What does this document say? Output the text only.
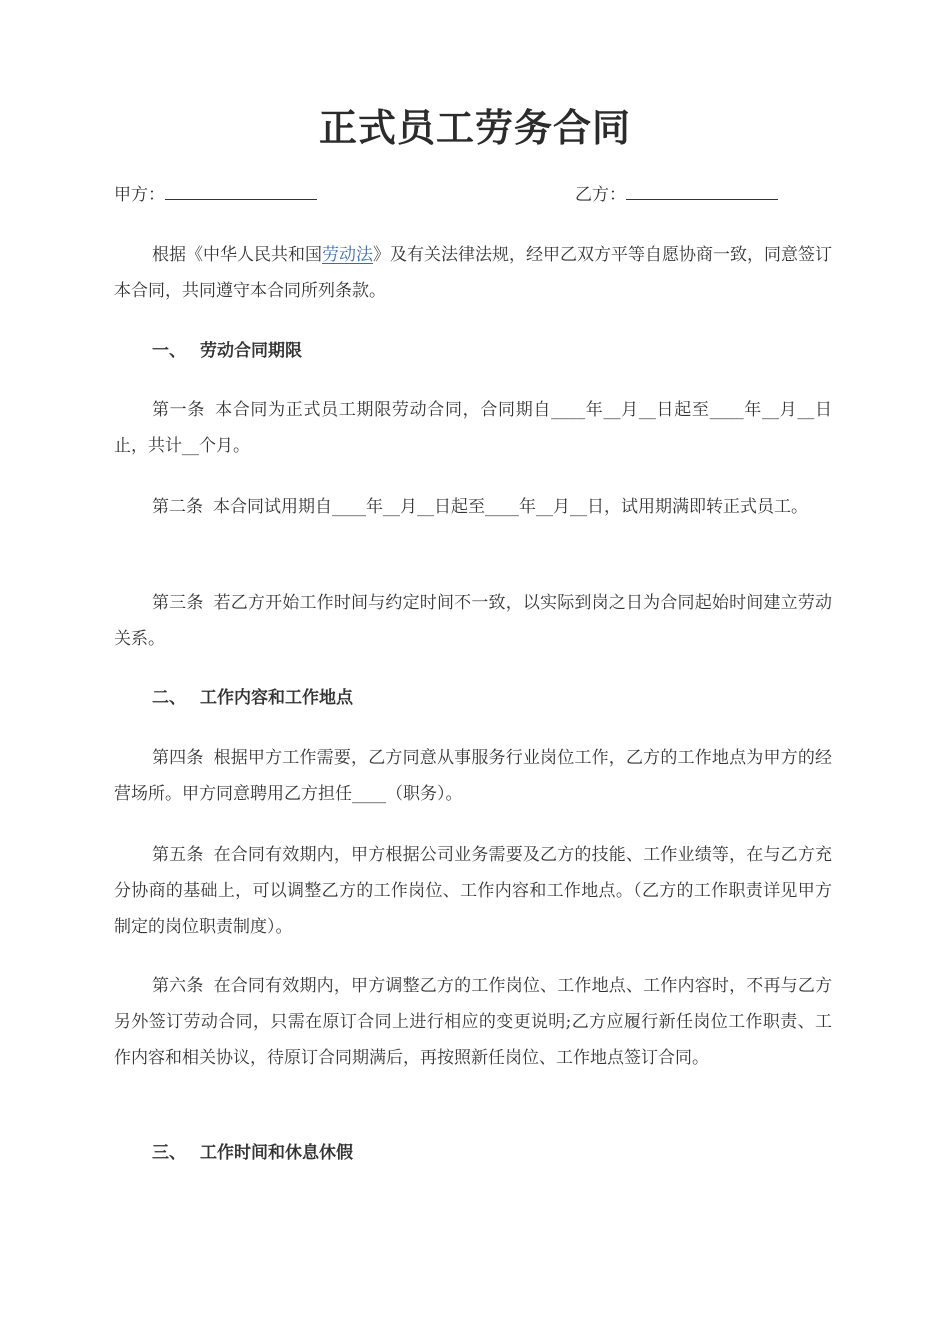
正式员工劳务合同
甲方：	乙方：

根据《中华人民共和国劳动法》及有关法律法规，经甲乙双方平等自愿协商一致，同意签订本合同，共同遵守本合同所列条款。

一、 劳动合同期限

第一条 本合同为正式员工期限劳动合同，合同期自____年__月__日起至____年__月__日止，共计__个月。

第二条 本合同试用期自____年__月__日起至____年__月__日，试用期满即转正式员工。

第三条 若乙方开始工作时间与约定时间不一致，以实际到岗之日为合同起始时间建立劳动关系。

二、 工作内容和工作地点

第四条 根据甲方工作需要，乙方同意从事服务行业岗位工作，乙方的工作地点为甲方的经营场所。甲方同意聘用乙方担任____（职务）。

第五条 在合同有效期内，甲方根据公司业务需要及乙方的技能、工作业绩等，在与乙方充分协商的基础上，可以调整乙方的工作岗位、工作内容和工作地点。（乙方的工作职责详见甲方制定的岗位职责制度）。

第六条 在合同有效期内，甲方调整乙方的工作岗位、工作地点、工作内容时，不再与乙方另外签订劳动合同，只需在原订合同上进行相应的变更说明;乙方应履行新任岗位工作职责、工作内容和相关协议，待原订合同期满后，再按照新任岗位、工作地点签订合同。

三、 工作时间和休息休假
